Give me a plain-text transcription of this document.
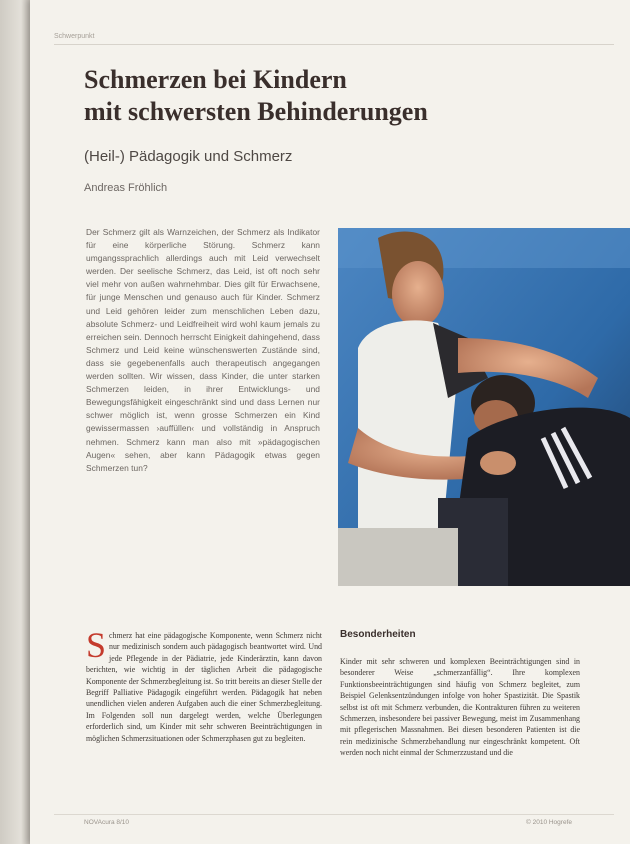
Schwerpunkt
Schmerzen bei Kindern
mit schwersten Behinderungen
(Heil-) Pädagogik und Schmerz
Andreas Fröhlich

Der Schmerz gilt als Warnzeichen, der Schmerz als Indikator für eine körperliche Störung. Schmerz kann umgangssprachlich allerdings auch mit Leid verwechselt werden. Der seelische Schmerz, das Leid, ist oft noch sehr viel mehr von außen wahrnehmbar. Dies gilt für Erwachsene, für junge Menschen und genauso auch für Kinder. Schmerz und Leid gehören leider zum menschlichen Leben dazu, absolute Schmerz- und Leidfreiheit wird wohl kaum jemals zu erreichen sein. Dennoch herrscht Einigkeit dahingehend, dass Schmerz und Leid keine wünschenswerten Zustände sind, dass sie gegebenenfalls auch therapeutisch angegangen werden sollten. Wir wissen, dass Kinder, die unter starken Schmerzen leiden, in ihrer Entwicklungs- und Bewegungsfähigkeit eingeschränkt sind und dass Lernen nur schwer möglich ist, wenn grosse Schmerzen ein Kind gewissermassen ›auffüllen‹ und vollständig in Anspruch nehmen. Schmerz kann man also mit »pädagogischen Augen« sehen, aber kann Pädagogik etwas gegen Schmerzen tun?

S chmerz hat eine pädagogische Komponente, wenn Schmerz nicht nur medizinisch sondern auch pädagogisch beantwortet wird. Und jede Pflegende in der Pädiatrie, jede Kinderärztin, kann davon berichten, wie wichtig in der täglichen Arbeit die pädagogische Komponente der Schmerzbegleitung ist. So tritt bereits an dieser Stelle der Begriff Palliative Pädagogik eingeführt werden. Pädagogik hat neben unendlichen vielen anderen Aufgaben auch die einer Schmerzbegleitung. Im Folgenden soll nun dargelegt werden, welche Überlegungen erforderlich sind, um Kinder mit sehr schweren Beeinträchtigungen in möglichen Schmerzsituationen oder Schmerzphasen gut zu begleiten.
Besonderheiten

Kinder mit sehr schweren und komplexen Beeinträchtigungen sind in besonderer Weise „schmerzanfällig“. Ihre komplexen Funktionsbeeinträchtigungen sind häufig von Schmerz begleitet, zum Beispiel Gelenksentzündungen infolge von hoher Spastizität. Die Spastik selbst ist oft mit Schmerz verbunden, die Kontrakturen führen zu weiteren Schmerzen, insbesondere bei passiver Bewegung, meist im Zusammenhang mit pflegerischen Massnahmen. Bei diesen besonderen Patienten ist die rein medizinische Schmerzbehandlung nur eingeschränkt kompetent. Oft werden noch nicht einmal der Schmerzzustand und die

NOVAcura 8/10	© 2010 Hogrefe
